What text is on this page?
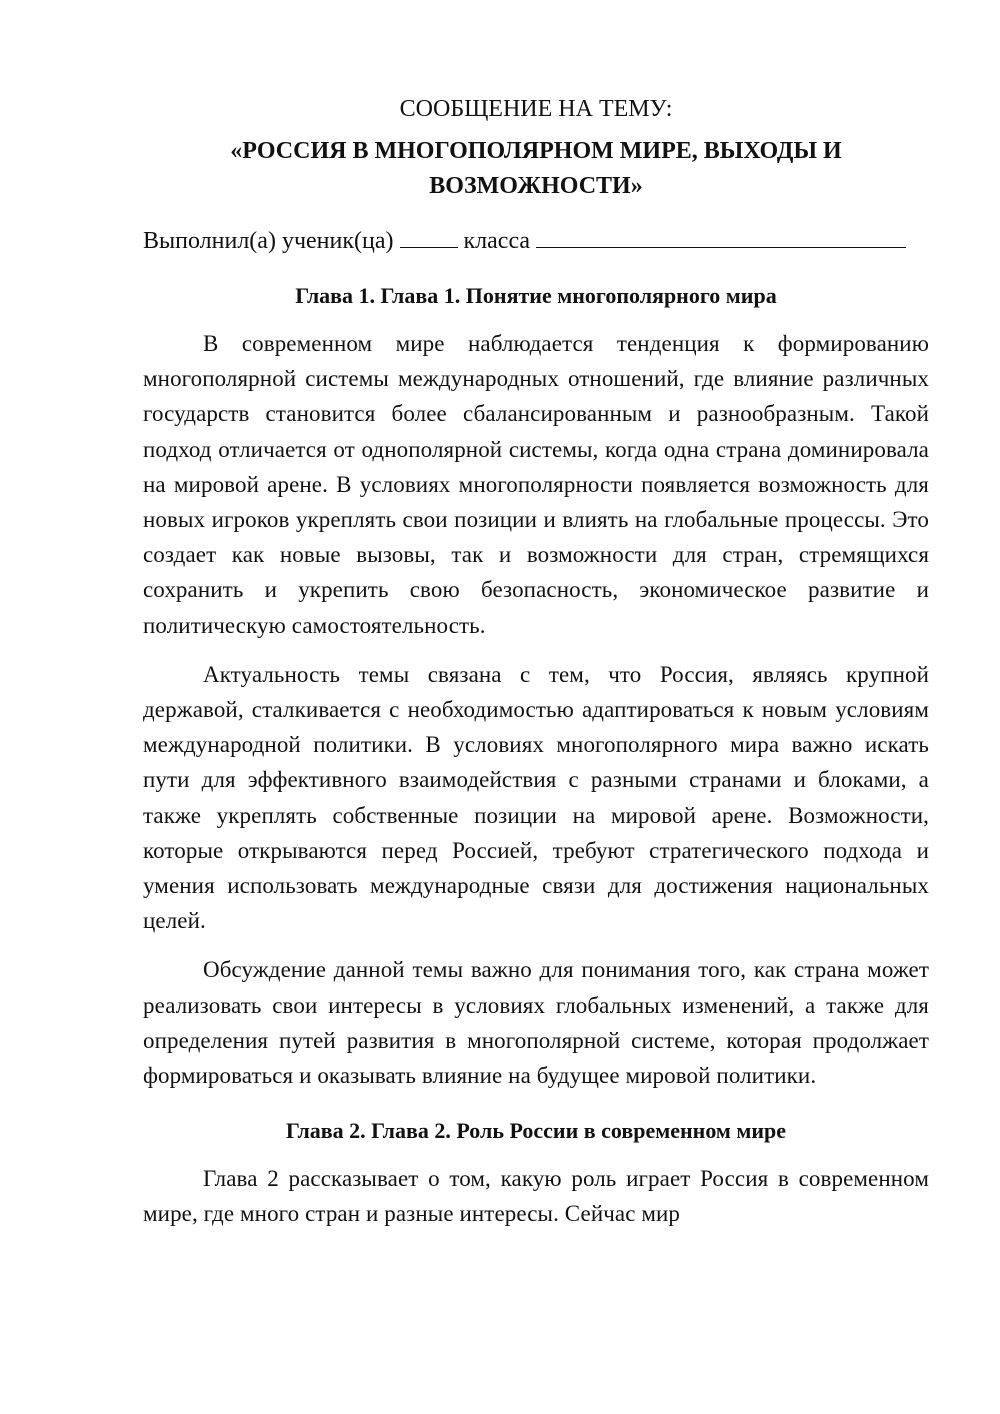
СООБЩЕНИЕ НА ТЕМУ:
«РОССИЯ В МНОГОПОЛЯРНОМ МИРЕ, ВЫХОДЫ И ВОЗМОЖНОСТИ»
Выполнил(а) ученик(ца)	класса
Глава 1. Глава 1. Понятие многополярного мира

В современном мире наблюдается тенденция к формированию многополярной системы международных отношений, где влияние различных государств становится более сбалансированным и разнообразным. Такой подход отличается от однополярной системы, когда одна страна доминировала на мировой арене. В условиях многополярности появляется возможность для новых игроков укреплять свои позиции и влиять на глобальные процессы. Это создает как новые вызовы, так и возможности для стран, стремящихся сохранить и укрепить свою безопасность, экономическое развитие и политическую самостоятельность.

Актуальность темы связана с тем, что Россия, являясь крупной державой, сталкивается с необходимостью адаптироваться к новым условиям международной политики. В условиях многополярного мира важно искать пути для эффективного взаимодействия с разными странами и блоками, а также укреплять собственные позиции на мировой арене. Возможности, которые открываются перед Россией, требуют стратегического подхода и умения использовать международные связи для достижения национальных целей.

Обсуждение данной темы важно для понимания того, как страна может реализовать свои интересы в условиях глобальных изменений, а также для определения путей развития в многополярной системе, которая продолжает формироваться и оказывать влияние на будущее мировой политики.

Глава 2. Глава 2. Роль России в современном мире

Глава 2 рассказывает о том, какую роль играет Россия в современном мире, где много стран и разные интересы. Сейчас мир
